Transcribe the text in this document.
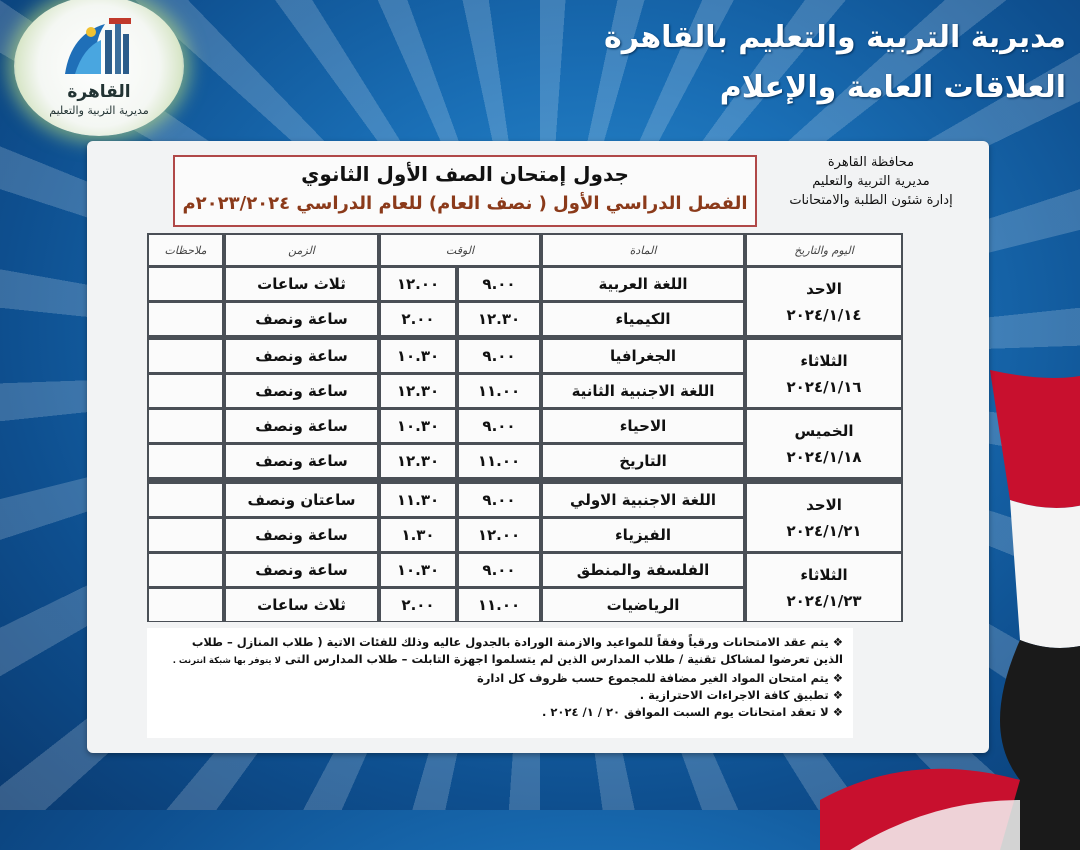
القاهرة
مديرية التربية والتعليم
مديرية التربية والتعليم بالقاهرة
العلاقات العامة والإعلام
محافظة القاهرة
مديرية التربية والتعليم
إدارة شئون الطلبة والامتحانات
جدول إمتحان الصف الأول الثانوي
الفصل الدراسي الأول ( نصف العام) للعام الدراسي ٢٠٢٣/٢٠٢٤م
اليوم والتاريخ
المادة
الوقت
الزمن
ملاحظات
اللغة العربية
٩.٠٠
١٢.٠٠
ثلاث ساعات
الكيمياء
١٢.٣٠
٢.٠٠
ساعة ونصف
الجغرافيا
٩.٠٠
١٠.٣٠
ساعة ونصف
اللغة الاجنبية الثانية
١١.٠٠
١٢.٣٠
ساعة ونصف
الاحياء
٩.٠٠
١٠.٣٠
ساعة ونصف
التاريخ
١١.٠٠
١٢.٣٠
ساعة ونصف
اللغة الاجنبية الاولي
٩.٠٠
١١.٣٠
ساعتان ونصف
الفيزياء
١٢.٠٠
١.٣٠
ساعة ونصف
الفلسفة والمنطق
٩.٠٠
١٠.٣٠
ساعة ونصف
الرياضيات
١١.٠٠
٢.٠٠
ثلاث ساعات
الاحد
٢٠٢٤/١/١٤
الثلاثاء
٢٠٢٤/١/١٦
الخميس
٢٠٢٤/١/١٨
الاحد
٢٠٢٤/١/٢١
الثلاثاء
٢٠٢٤/١/٢٣

❖يتم عقد الامتحانات ورقياً وفقاً للمواعيد والازمنة الورادة بالجدول عاليه وذلك للفئات الاتية ( طلاب المنازل – طلاب

الذين تعرضوا لمشاكل تقنية / طلاب المدارس الذين لم يتسلموا اجهزة التابلت – طلاب المدارس التى لا يتوفر بها شبكة انترنت .

❖يتم امتحان المواد الغير مضافة للمجموع حسب ظروف كل ادارة

❖تطبيق كافة الاجراءات الاحترازية .

❖لا تعقد امتحانات يوم السبت الموافق ٢٠ / ١/ ٢٠٢٤ .
